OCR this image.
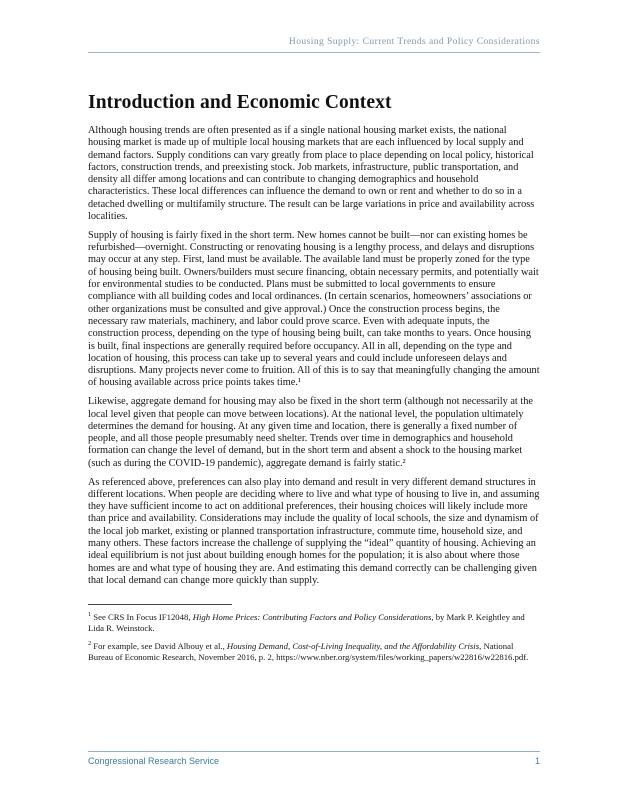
Housing Supply: Current Trends and Policy Considerations
Introduction and Economic Context

Although housing trends are often presented as if a single national housing market exists, the national housing market is made up of multiple local housing markets that are each influenced by local supply and demand factors. Supply conditions can vary greatly from place to place depending on local policy, historical factors, construction trends, and preexisting stock. Job markets, infrastructure, public transportation, and density all differ among locations and can contribute to changing demographics and household characteristics. These local differences can influence the demand to own or rent and whether to do so in a detached dwelling or multifamily structure. The result can be large variations in price and availability across localities.

Supply of housing is fairly fixed in the short term. New homes cannot be built—nor can existing homes be refurbished—overnight. Constructing or renovating housing is a lengthy process, and delays and disruptions may occur at any step. First, land must be available. The available land must be properly zoned for the type of housing being built. Owners/builders must secure financing, obtain necessary permits, and potentially wait for environmental studies to be conducted. Plans must be submitted to local governments to ensure compliance with all building codes and local ordinances. (In certain scenarios, homeowners’ associations or other organizations must be consulted and give approval.) Once the construction process begins, the necessary raw materials, machinery, and labor could prove scarce. Even with adequate inputs, the construction process, depending on the type of housing being built, can take months to years. Once housing is built, final inspections are generally required before occupancy. All in all, depending on the type and location of housing, this process can take up to several years and could include unforeseen delays and disruptions. Many projects never come to fruition. All of this is to say that meaningfully changing the amount of housing available across price points takes time.¹

Likewise, aggregate demand for housing may also be fixed in the short term (although not necessarily at the local level given that people can move between locations). At the national level, the population ultimately determines the demand for housing. At any given time and location, there is generally a fixed number of people, and all those people presumably need shelter. Trends over time in demographics and household formation can change the level of demand, but in the short term and absent a shock to the housing market (such as during the COVID-19 pandemic), aggregate demand is fairly static.²

As referenced above, preferences can also play into demand and result in very different demand structures in different locations. When people are deciding where to live and what type of housing to live in, and assuming they have sufficient income to act on additional preferences, their housing choices will likely include more than price and availability. Considerations may include the quality of local schools, the size and dynamism of the local job market, existing or planned transportation infrastructure, commute time, household size, and many others. These factors increase the challenge of supplying the “ideal” quantity of housing. Achieving an ideal equilibrium is not just about building enough homes for the population; it is also about where those homes are and what type of housing they are. And estimating this demand correctly can be challenging given that local demand can change more quickly than supply.

$^1$ See CRS In Focus IF12048, High Home Prices: Contributing Factors and Policy Considerations, by Mark P. Keightley and Lida R. Weinstock.

$^2$ For example, see David Albouy et al., Housing Demand, Cost-of-Living Inequality, and the Affordability Crisis, National Bureau of Economic Research, November 2016, p. 2, https://www.nber.org/system/files/working_papers/w22816/w22816.pdf.

Congressional Research Service	1
